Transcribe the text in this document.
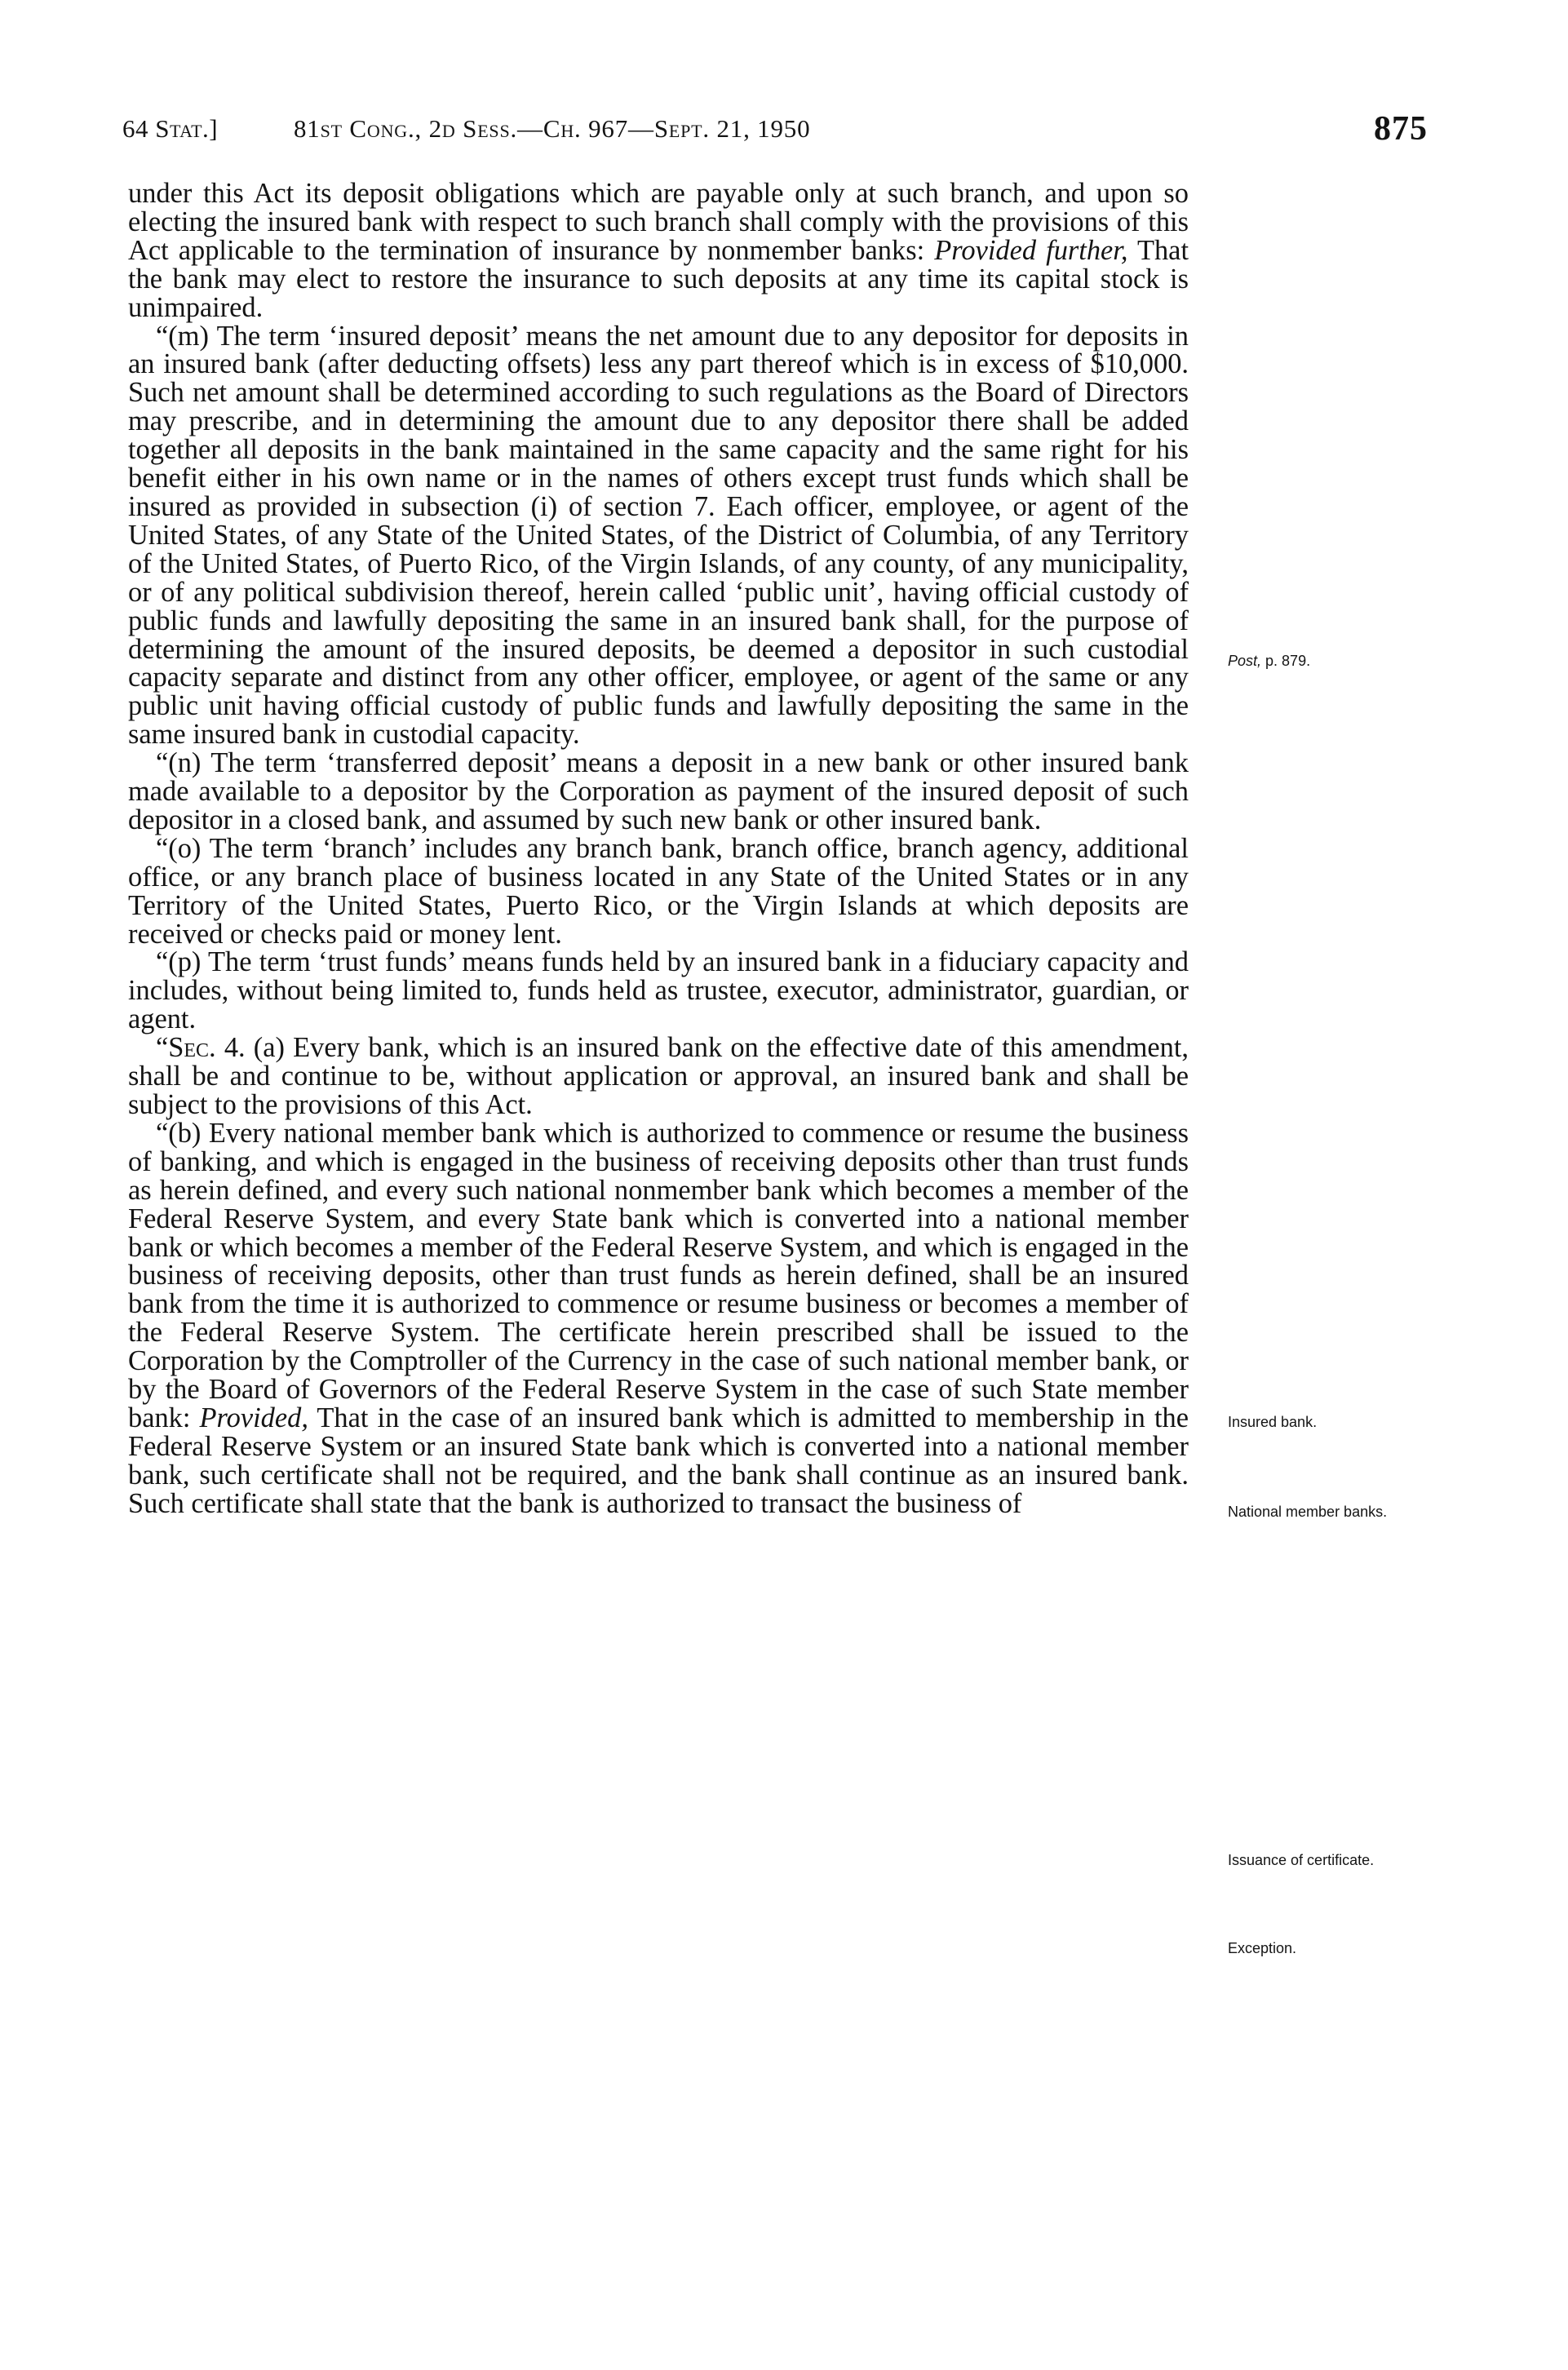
64 Stat.]	81st Cong., 2d Sess.—Ch. 967—Sept. 21, 1950	875

under this Act its deposit obligations which are payable only at such branch, and upon so electing the insured bank with respect to such branch shall comply with the provisions of this Act applicable to the termination of insurance by nonmember banks: Provided further, That the bank may elect to restore the insurance to such deposits at any time its capital stock is unimpaired.

“(m) The term ‘insured deposit’ means the net amount due to any depositor for deposits in an insured bank (after deducting offsets) less any part thereof which is in excess of $10,000. Such net amount shall be determined according to such regulations as the Board of Directors may prescribe, and in determining the amount due to any depositor there shall be added together all deposits in the bank maintained in the same capacity and the same right for his benefit either in his own name or in the names of others except trust funds which shall be insured as provided in subsection (i) of section 7. Each officer, employee, or agent of the United States, of any State of the United States, of the District of Columbia, of any Territory of the United States, of Puerto Rico, of the Virgin Islands, of any county, of any municipality, or of any political subdivision thereof, herein called ‘public unit’, having official custody of public funds and lawfully depositing the same in an insured bank shall, for the purpose of determining the amount of the insured deposits, be deemed a depositor in such custodial capacity separate and distinct from any other officer, employee, or agent of the same or any public unit having official custody of public funds and lawfully depositing the same in the same insured bank in custodial capacity.

“(n) The term ‘transferred deposit’ means a deposit in a new bank or other insured bank made available to a depositor by the Corporation as payment of the insured deposit of such depositor in a closed bank, and assumed by such new bank or other insured bank.

“(o) The term ‘branch’ includes any branch bank, branch office, branch agency, additional office, or any branch place of business located in any State of the United States or in any Territory of the United States, Puerto Rico, or the Virgin Islands at which deposits are received or checks paid or money lent.

“(p) The term ‘trust funds’ means funds held by an insured bank in a fiduciary capacity and includes, without being limited to, funds held as trustee, executor, administrator, guardian, or agent.

“Sec. 4. (a) Every bank, which is an insured bank on the effective date of this amendment, shall be and continue to be, without application or approval, an insured bank and shall be subject to the provisions of this Act.

“(b) Every national member bank which is authorized to commence or resume the business of banking, and which is engaged in the business of receiving deposits other than trust funds as herein defined, and every such national nonmember bank which becomes a member of the Federal Reserve System, and every State bank which is converted into a national member bank or which becomes a member of the Federal Reserve System, and which is engaged in the business of receiving deposits, other than trust funds as herein defined, shall be an insured bank from the time it is authorized to commence or resume business or becomes a member of the Federal Reserve System. The certificate herein prescribed shall be issued to the Corporation by the Comptroller of the Currency in the case of such national member bank, or by the Board of Governors of the Federal Reserve System in the case of such State member bank: Provided, That in the case of an insured bank which is admitted to membership in the Federal Reserve System or an insured State bank which is converted into a national member bank, such certificate shall not be required, and the bank shall continue as an insured bank. Such certificate shall state that the bank is authorized to transact the business of

Post, p. 879.
Insured bank.
National member banks.
Issuance of certificate.
Exception.
